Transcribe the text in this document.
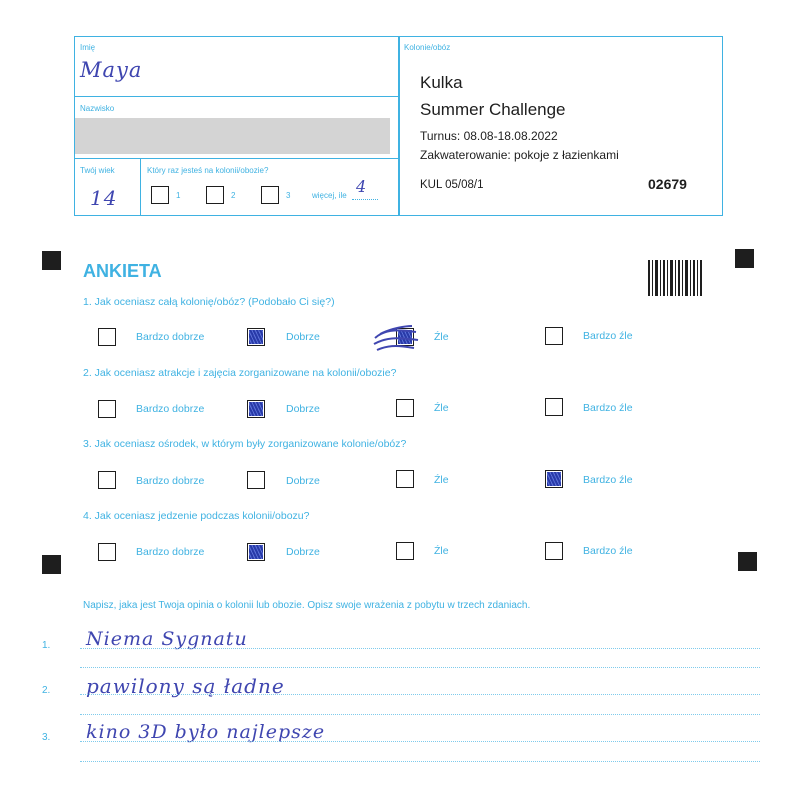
Imię
Maya
Nazwisko
Twój wiek
14
Który raz jesteś na kolonii/obozie?
1	2	3	więcej, ile 4
Kolonie/obóz
Kulka
Summer Challenge
Turnus: 08.08-18.08.2022
Zakwaterowanie: pokoje z łazienkami
KUL 05/08/1	02679
ANKIETA
1. Jak oceniasz całą kolonię/obóz? (Podobało Ci się?)
Bardzo dobrze	Dobrze	Źle	Bardzo źle
2. Jak oceniasz atrakcje i zajęcia zorganizowane na kolonii/obozie?
Bardzo dobrze	Dobrze	Źle	Bardzo źle
3. Jak oceniasz ośrodek, w którym były zorganizowane kolonie/obóz?
Bardzo dobrze	Dobrze	Źle	Bardzo źle
4. Jak oceniasz jedzenie podczas kolonii/obozu?
Bardzo dobrze	Dobrze	Źle	Bardzo źle
Napisz, jaka jest Twoja opinia o kolonii lub obozie. Opisz swoje wrażenia z pobytu w trzech zdaniach.
1. Niema Sygnatu
2. pawilony są ładne
3. kino 3D było najlepsze
